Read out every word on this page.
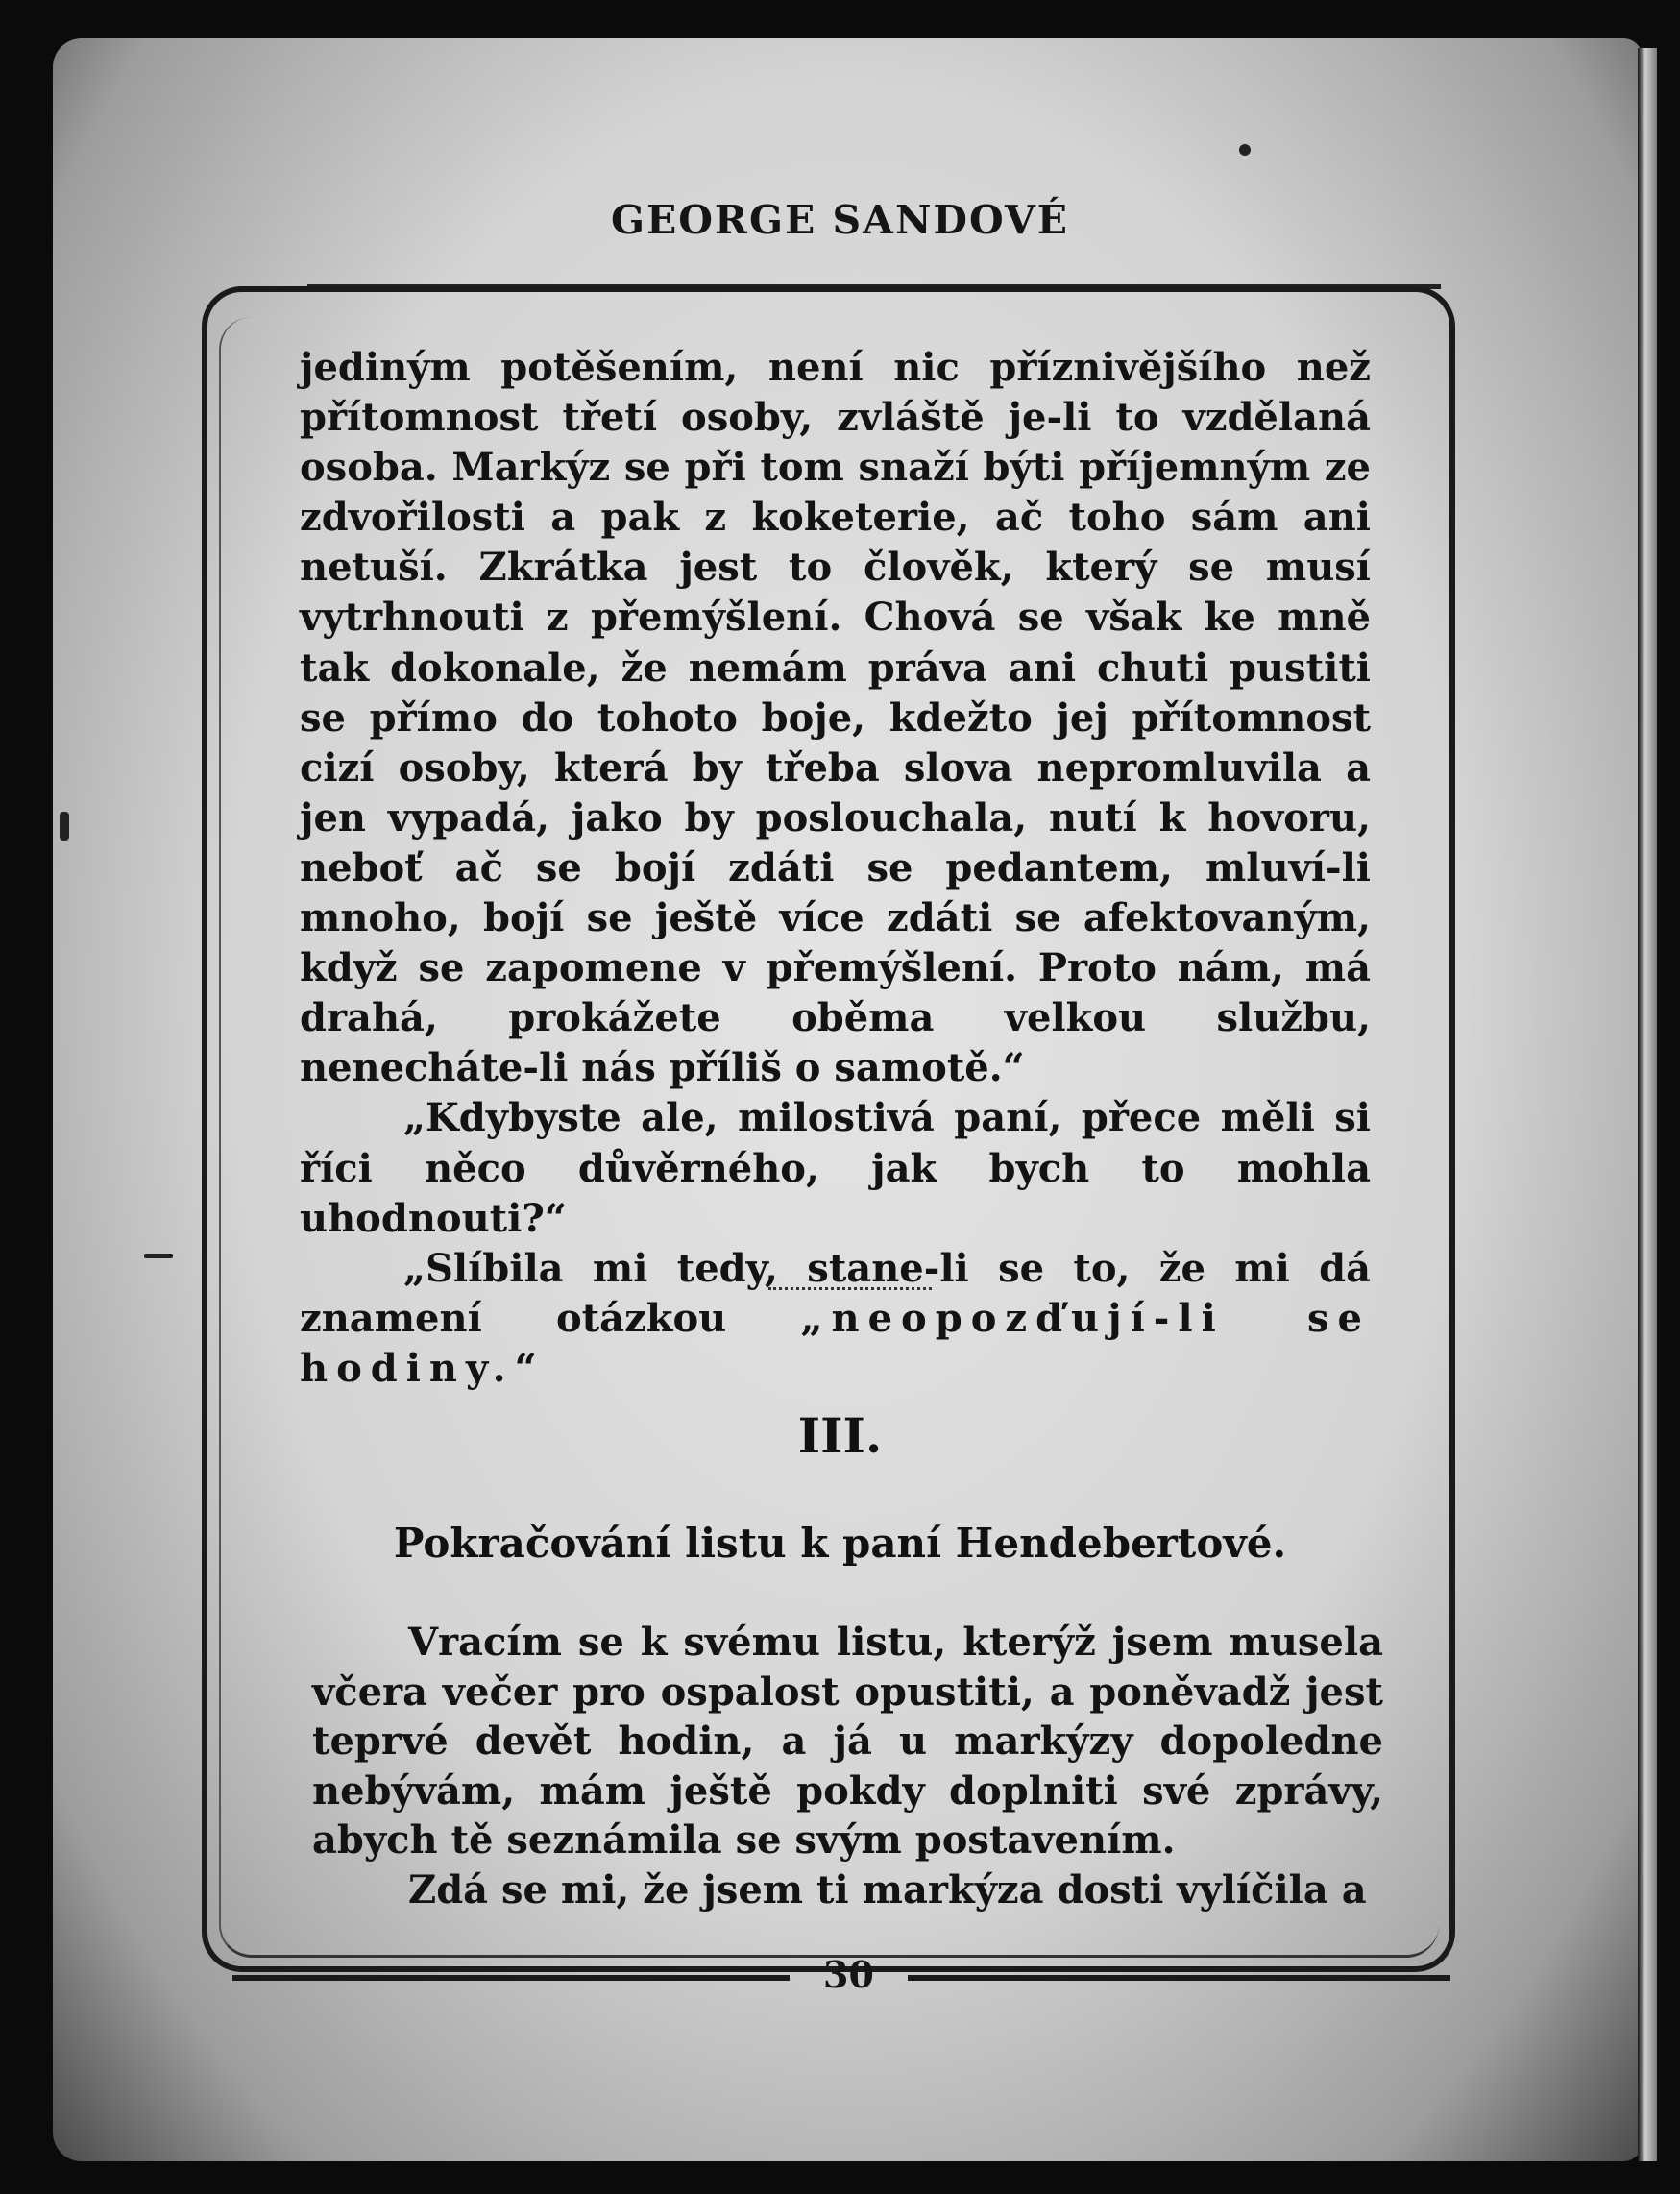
GEORGE SANDOVÉ
jediným potěšením, není nic příznivějšího než přítomnost třetí osoby, zvláště je-li to vzdělaná osoba. Markýz se při tom snaží býti příjemným ze zdvořilosti a pak z koketerie, ač toho sám ani netuší. Zkrátka jest to člověk, který se musí vytrhnouti z přemýšlení. Chová se však ke mně tak dokonale, že nemám práva ani chuti pustiti se přímo do tohoto boje, kdežto jej přítomnost cizí osoby, která by třeba slova nepromluvila a jen vypadá, jako by poslouchala, nutí k hovoru, neboť ač se bojí zdáti se pedantem, mluví-li mnoho, bojí se ještě více zdáti se afektovaným, když se zapomene v přemýšlení. Proto nám, má drahá, prokážete oběma velkou službu, nenecháte-li nás příliš o samotě.“
„Kdybyste ale, milostivá paní, přece měli si říci něco důvěrného, jak bych to mohla uhodnouti?“
„Slíbila mi tedy, stane-li se to, že mi dá znamení otázkou „neopozďují-li se hodiny.“
III.
Pokračování listu k paní Hendebertové.
Vracím se k svému listu, kterýž jsem musela včera večer pro ospalost opustiti, a poněvadž jest teprvé devět hodin, a já u markýzy dopoledne nebývám, mám ještě pokdy doplniti své zprávy, abych tě seznámila se svým postavením.
Zdá se mi, že jsem ti markýza dosti vylíčila a
30
